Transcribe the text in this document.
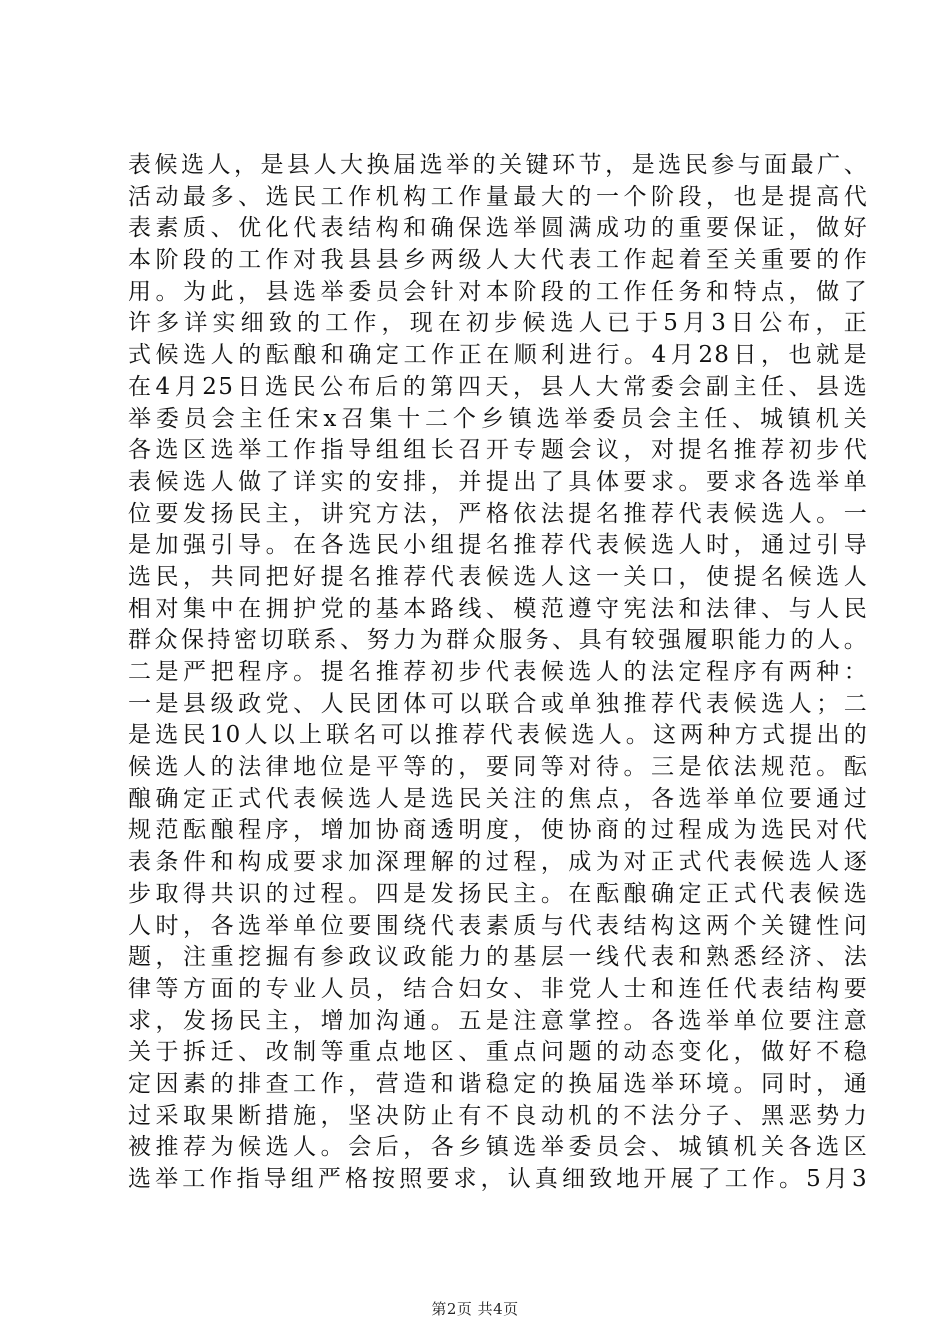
表候选人，是县人大换届选举的关键环节，是选民参与面最广、
活动最多、选民工作机构工作量最大的一个阶段，也是提高代
表素质、优化代表结构和确保选举圆满成功的重要保证，做好
本阶段的工作对我县县乡两级人大代表工作起着至关重要的作
用。为此，县选举委员会针对本阶段的工作任务和特点，做了
许多详实细致的工作，现在初步候选人已于5月3日公布，正
式候选人的酝酿和确定工作正在顺利进行。4月28日，也就是
在4月25日选民公布后的第四天，县人大常委会副主任、县选
举委员会主任宋x召集十二个乡镇选举委员会主任、城镇机关
各选区选举工作指导组组长召开专题会议，对提名推荐初步代
表候选人做了详实的安排，并提出了具体要求。要求各选举单
位要发扬民主，讲究方法，严格依法提名推荐代表候选人。一
是加强引导。在各选民小组提名推荐代表候选人时，通过引导
选民，共同把好提名推荐代表候选人这一关口，使提名候选人
相对集中在拥护党的基本路线、模范遵守宪法和法律、与人民
群众保持密切联系、努力为群众服务、具有较强履职能力的人。
二是严把程序。提名推荐初步代表候选人的法定程序有两种：
一是县级政党、人民团体可以联合或单独推荐代表候选人；二
是选民10人以上联名可以推荐代表候选人。这两种方式提出的
候选人的法律地位是平等的，要同等对待。三是依法规范。酝
酿确定正式代表候选人是选民关注的焦点，各选举单位要通过
规范酝酿程序，增加协商透明度，使协商的过程成为选民对代
表条件和构成要求加深理解的过程，成为对正式代表候选人逐
步取得共识的过程。四是发扬民主。在酝酿确定正式代表候选
人时，各选举单位要围绕代表素质与代表结构这两个关键性问
题，注重挖掘有参政议政能力的基层一线代表和熟悉经济、法
律等方面的专业人员，结合妇女、非党人士和连任代表结构要
求，发扬民主，增加沟通。五是注意掌控。各选举单位要注意
关于拆迁、改制等重点地区、重点问题的动态变化，做好不稳
定因素的排查工作，营造和谐稳定的换届选举环境。同时，通
过采取果断措施，坚决防止有不良动机的不法分子、黑恶势力
被推荐为候选人。会后，各乡镇选举委员会、城镇机关各选区
选举工作指导组严格按照要求，认真细致地开展了工作。5月3
第2页 共4页
